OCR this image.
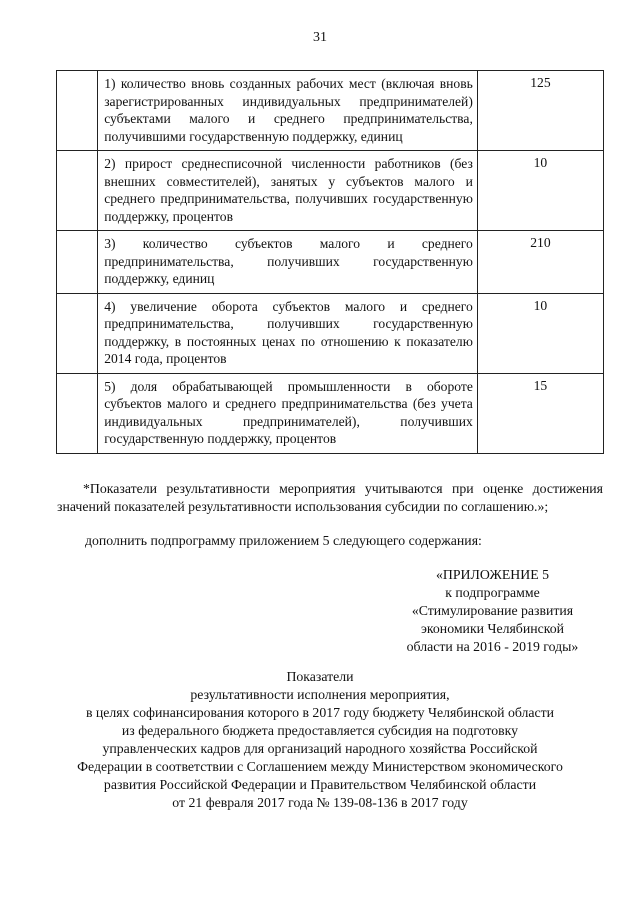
31
	1) количество вновь созданных рабочих мест (включая вновь зарегистрированных индивидуальных предпринимателей) субъектами малого и среднего предпринимательства, получившими государственную поддержку, единиц	125
	2) прирост среднесписочной численности работников (без внешних совместителей), занятых у субъектов малого и среднего предпринимательства, получивших государственную поддержку, процентов	10
	3) количество субъектов малого и среднего предпринимательства, получивших государственную поддержку, единиц	210
	4) увеличение оборота субъектов малого и среднего предпринимательства, получивших государственную поддержку, в постоянных ценах по отношению к показателю 2014 года, процентов	10
	5) доля обрабатывающей промышленности в обороте субъектов малого и среднего предпринимательства (без учета индивидуальных предпринимателей), получивших государственную поддержку, процентов	15

*Показатели результативности мероприятия учитываются при оценке достижения значений показателей результативности использования субсидии по соглашению.»;

дополнить подпрограмму приложением 5 следующего содержания:
«ПРИЛОЖЕНИЕ 5
к подпрограмме
«Стимулирование развития
экономики Челябинской
области на 2016 - 2019 годы»
Показатели
результативности исполнения мероприятия,
в целях софинансирования которого в 2017 году бюджету Челябинской области
из федерального бюджета предоставляется субсидия на подготовку
управленческих кадров для организаций народного хозяйства Российской
Федерации в соответствии с Соглашением между Министерством экономического
развития Российской Федерации и Правительством Челябинской области
от 21 февраля 2017 года № 139-08-136 в 2017 году
